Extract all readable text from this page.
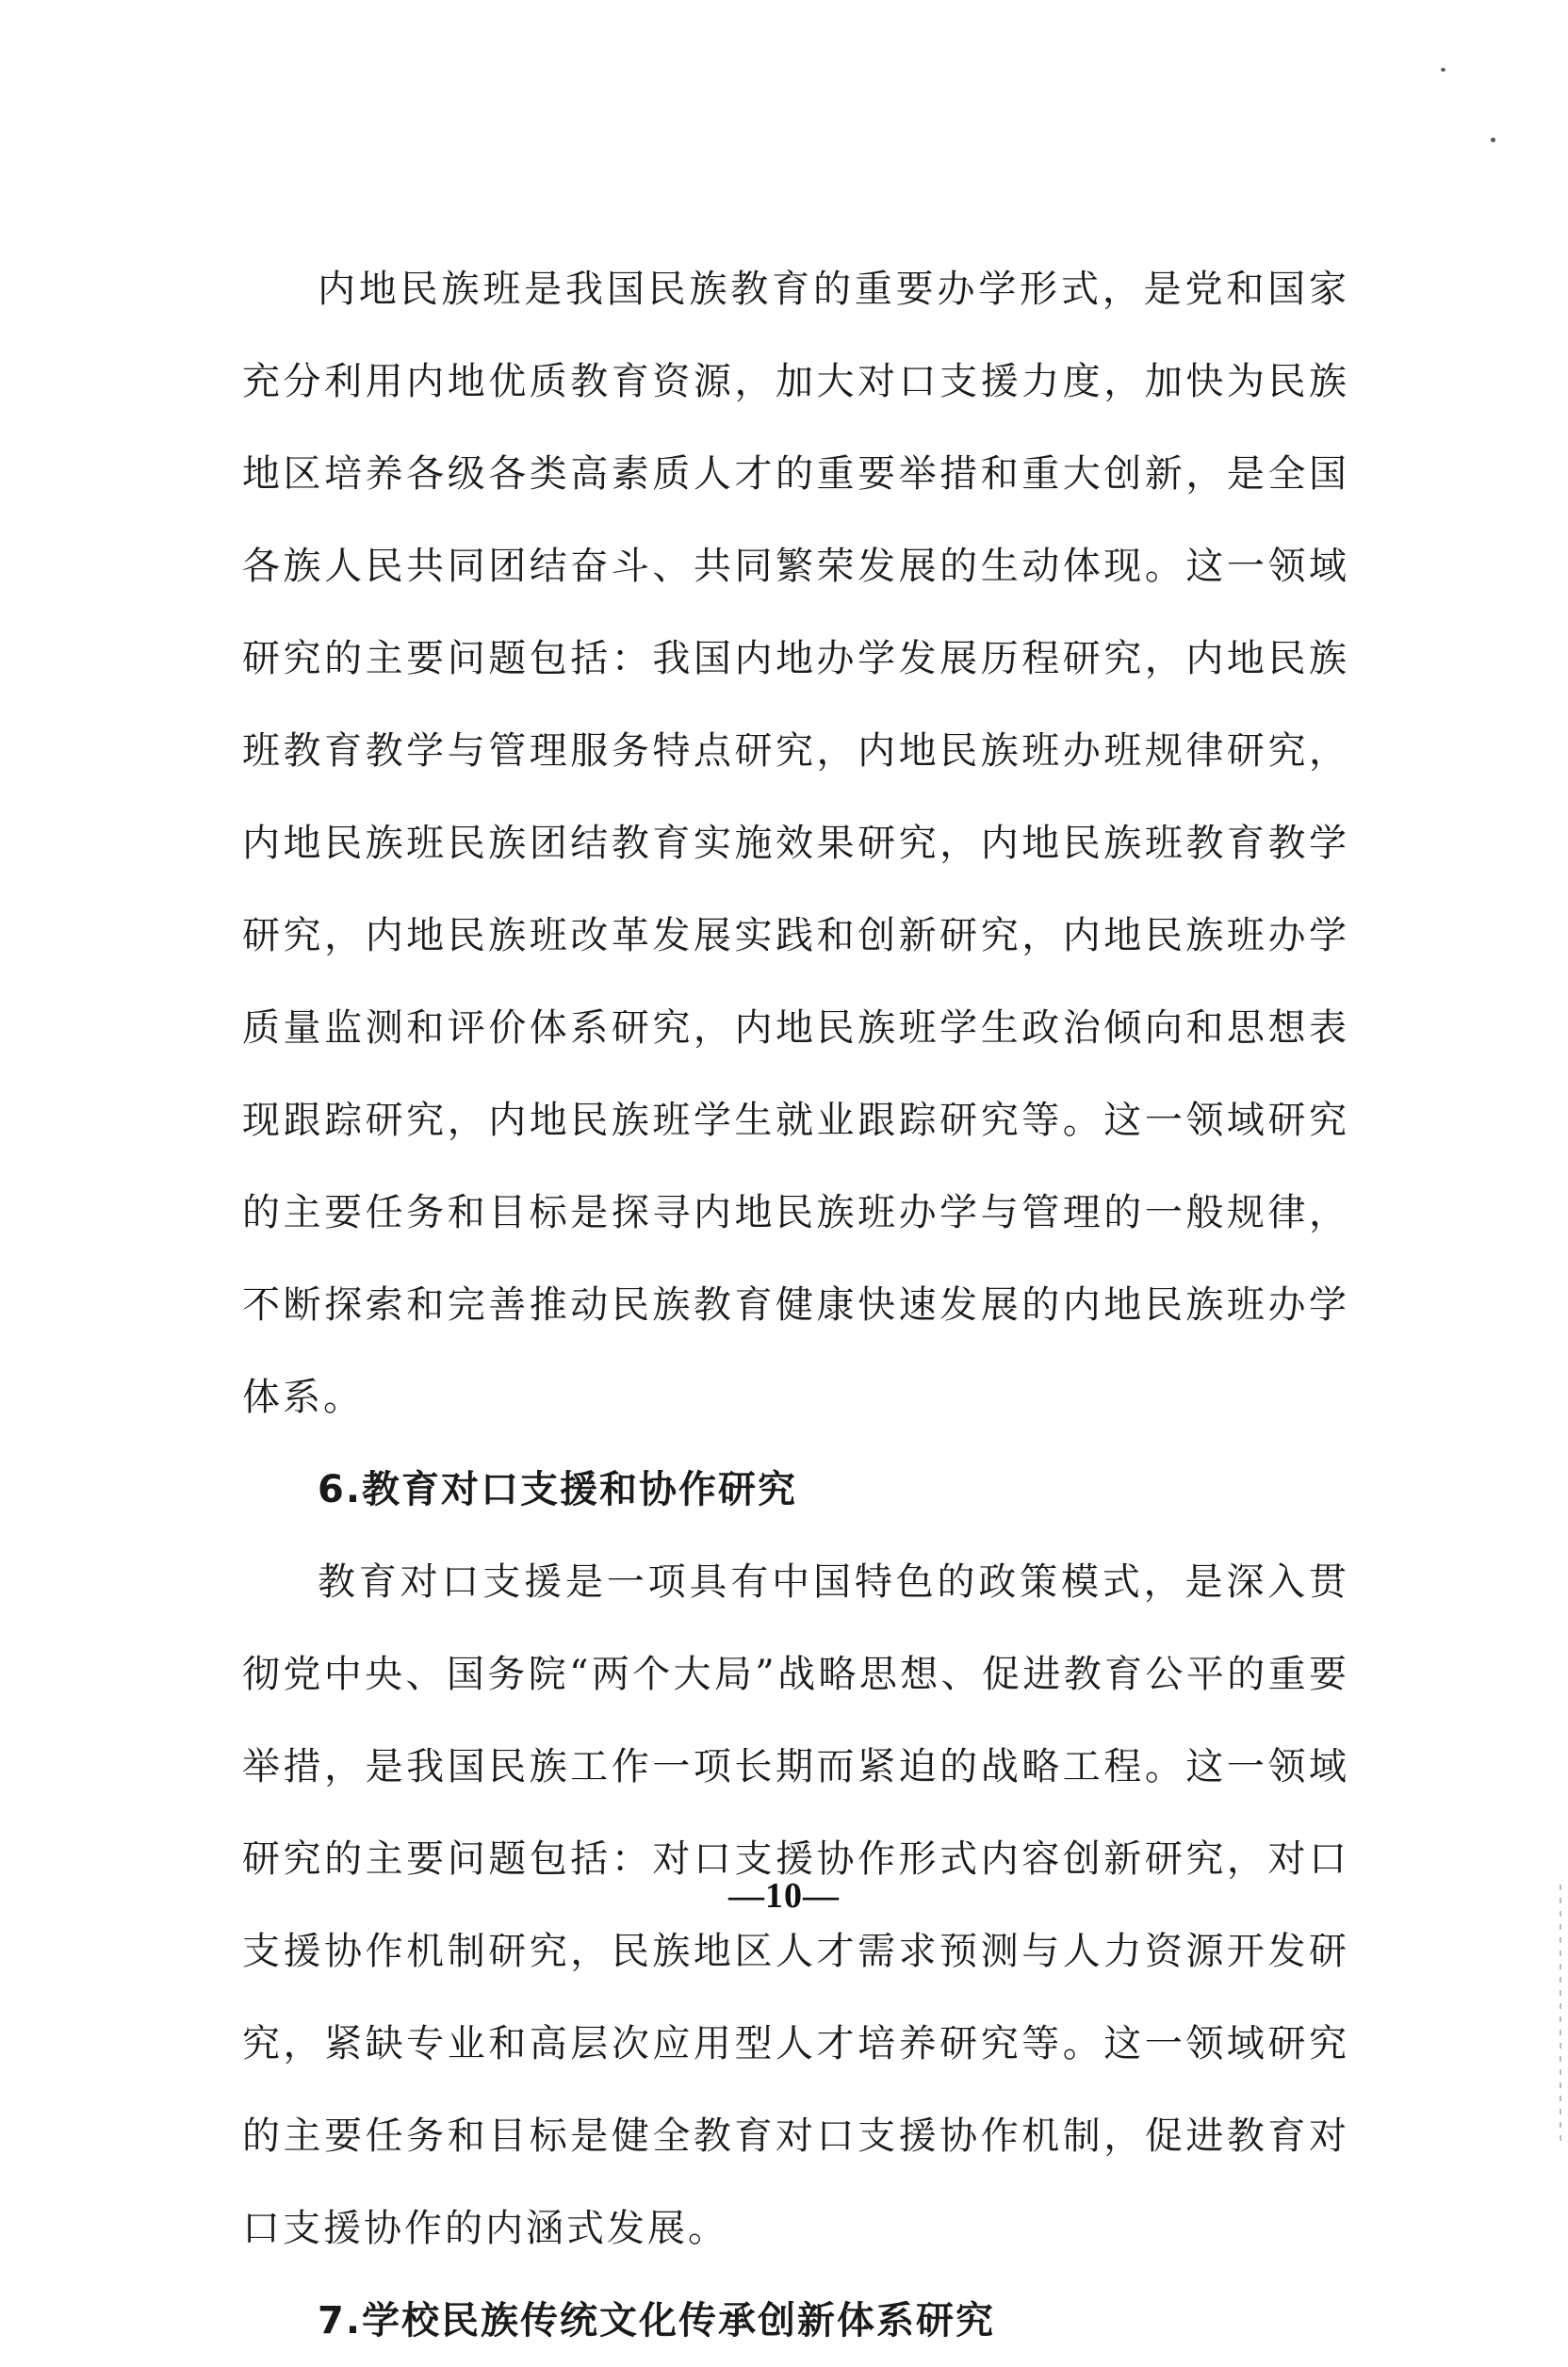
内地民族班是我国民族教育的重要办学形式，是党和国家充分利用内地优质教育资源，加大对口支援力度，加快为民族地区培养各级各类高素质人才的重要举措和重大创新，是全国各族人民共同团结奋斗、共同繁荣发展的生动体现。这一领域研究的主要问题包括：我国内地办学发展历程研究，内地民族班教育教学与管理服务特点研究，内地民族班办班规律研究，内地民族班民族团结教育实施效果研究，内地民族班教育教学研究，内地民族班改革发展实践和创新研究，内地民族班办学质量监测和评价体系研究，内地民族班学生政治倾向和思想表现跟踪研究，内地民族班学生就业跟踪研究等。这一领域研究的主要任务和目标是探寻内地民族班办学与管理的一般规律，不断探索和完善推动民族教育健康快速发展的内地民族班办学体系。

6.教育对口支援和协作研究

教育对口支援是一项具有中国特色的政策模式，是深入贯彻党中央、国务院“两个大局”战略思想、促进教育公平的重要举措，是我国民族工作一项长期而紧迫的战略工程。这一领域研究的主要问题包括：对口支援协作形式内容创新研究，对口支援协作机制研究，民族地区人才需求预测与人力资源开发研究，紧缺专业和高层次应用型人才培养研究等。这一领域研究的主要任务和目标是健全教育对口支援协作机制，促进教育对口支援协作的内涵式发展。

7.学校民族传统文化传承创新体系研究

—10—
